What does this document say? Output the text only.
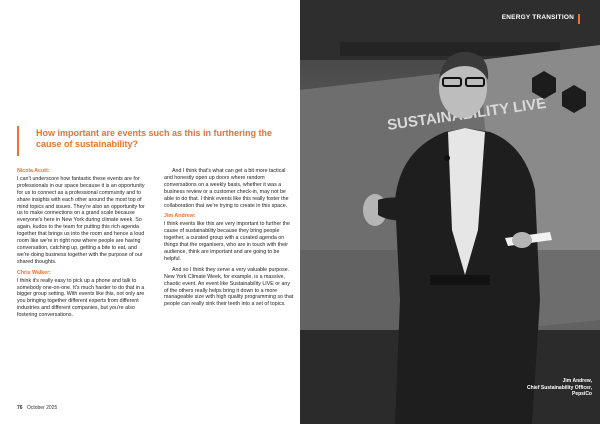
How important are events such as this in furthering the cause of sustainability?
Nicola Acutt:
I can't underscore how fantastic these events are for professionals in our space because it is an opportunity for us to connect as a professional community and to share insights with each other around the most top of mind topics and issues. They're also an opportunity for us to make connections on a grand scale because everyone's here in New York during climate week. So again, kudos to the team for putting this rich agenda together that brings us into the room and hence a loud room like we're in right now where people are having conversation, catching up, getting a bite to eat, and we're doing business together with the purpose of our shared thoughts.
Chris Walker:
I think it's really easy to pick up a phone and talk to somebody one-on-one. It's much harder to do that in a bigger group setting. With events like this, not only are you bringing together different experts from different industries and different companies, but you're also fostering conversations.
And I think that's what can get a bit more tactical and honestly open up doors where random conversations on a weekly basis, whether it was a business review or a customer check-in, may not be able to do that. I think events like this really foster the collaboration that we're trying to create in this space.
Jim Andrew:
I think events like this are very important to further the cause of sustainability because they bring people together, a curated group with a curated agenda on things that the organisers, who are in touch with their audience, think are important and are going to be helpful.
And so I think they serve a very valuable purpose. New York Climate Week, for example, is a massive, chaotic event. An event like Sustainability LIVE or any of the others really helps bring it down to a more manageable size with high quality programming so that people can really sink their teeth into a set of topics.
76 October 2025
SUSTAINABILITY LIVE
ENERGY TRANSITION
Jim Andrew,
Chief Sustainability Officer,
PepsiCo
